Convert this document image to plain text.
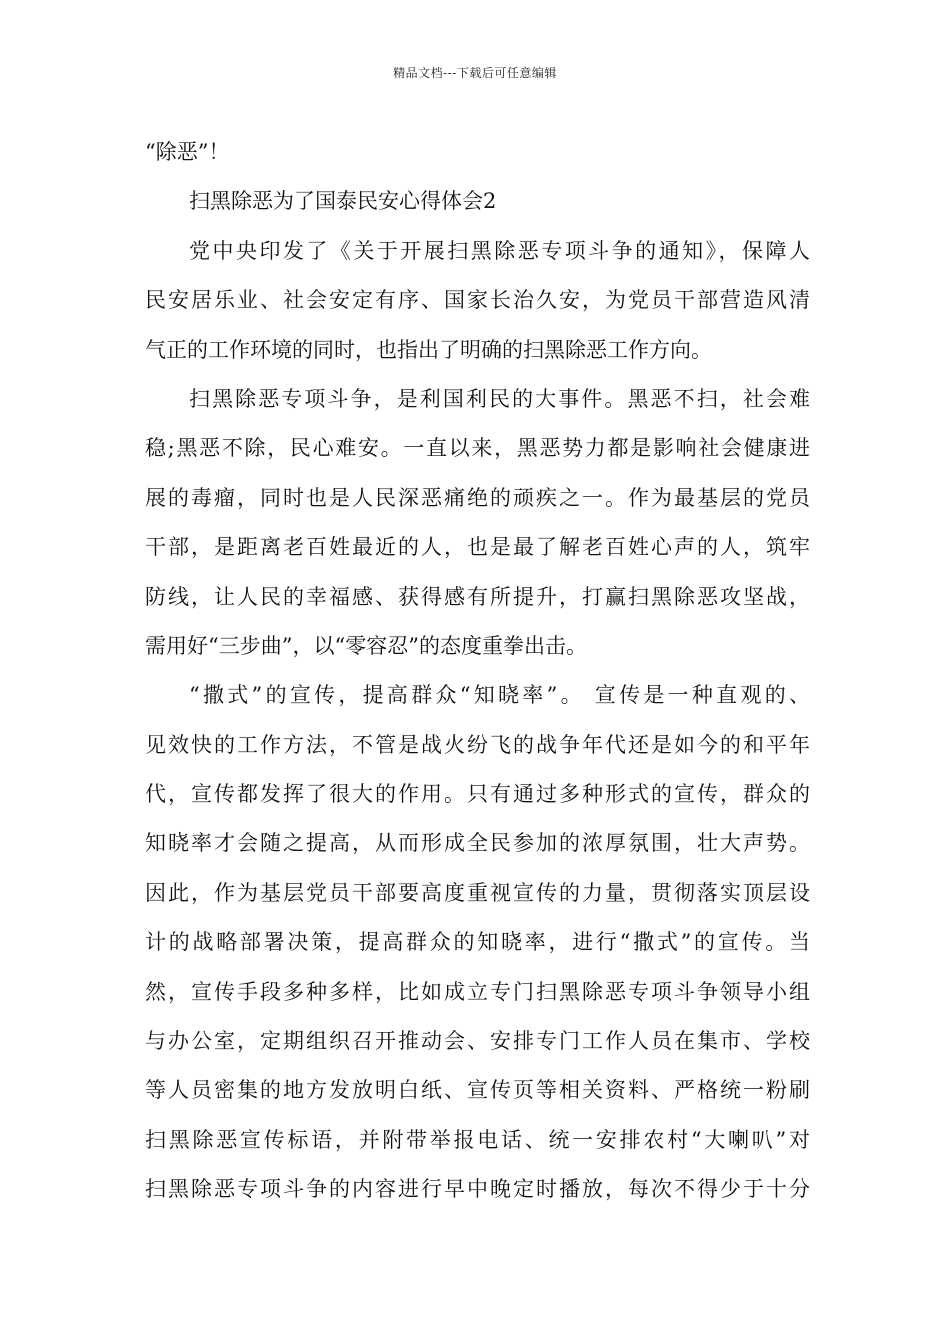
精品文档---下载后可任意编辑
“除恶”！
扫黑除恶为了国泰民安心得体会2
党中央印发了《关于开展扫黑除恶专项斗争的通知》，保障人
民安居乐业、社会安定有序、国家长治久安，为党员干部营造风清
气正的工作环境的同时，也指出了明确的扫黑除恶工作方向。
扫黑除恶专项斗争，是利国利民的大事件。黑恶不扫，社会难
稳;黑恶不除，民心难安。一直以来，黑恶势力都是影响社会健康进
展的毒瘤，同时也是人民深恶痛绝的顽疾之一。作为最基层的党员
干部，是距离老百姓最近的人，也是最了解老百姓心声的人，筑牢
防线，让人民的幸福感、获得感有所提升，打赢扫黑除恶攻坚战，
需用好“三步曲”，以“零容忍”的态度重拳出击。
“撒式”的宣传，提高群众“知晓率”。 宣传是一种直观的、
见效快的工作方法，不管是战火纷飞的战争年代还是如今的和平年
代，宣传都发挥了很大的作用。只有通过多种形式的宣传，群众的
知晓率才会随之提高，从而形成全民参加的浓厚氛围，壮大声势。
因此，作为基层党员干部要高度重视宣传的力量，贯彻落实顶层设
计的战略部署决策，提高群众的知晓率，进行“撒式”的宣传。当
然，宣传手段多种多样，比如成立专门扫黑除恶专项斗争领导小组
与办公室，定期组织召开推动会、安排专门工作人员在集市、学校
等人员密集的地方发放明白纸、宣传页等相关资料、严格统一粉刷
扫黑除恶宣传标语，并附带举报电话、统一安排农村“大喇叭”对
扫黑除恶专项斗争的内容进行早中晚定时播放，每次不得少于十分
